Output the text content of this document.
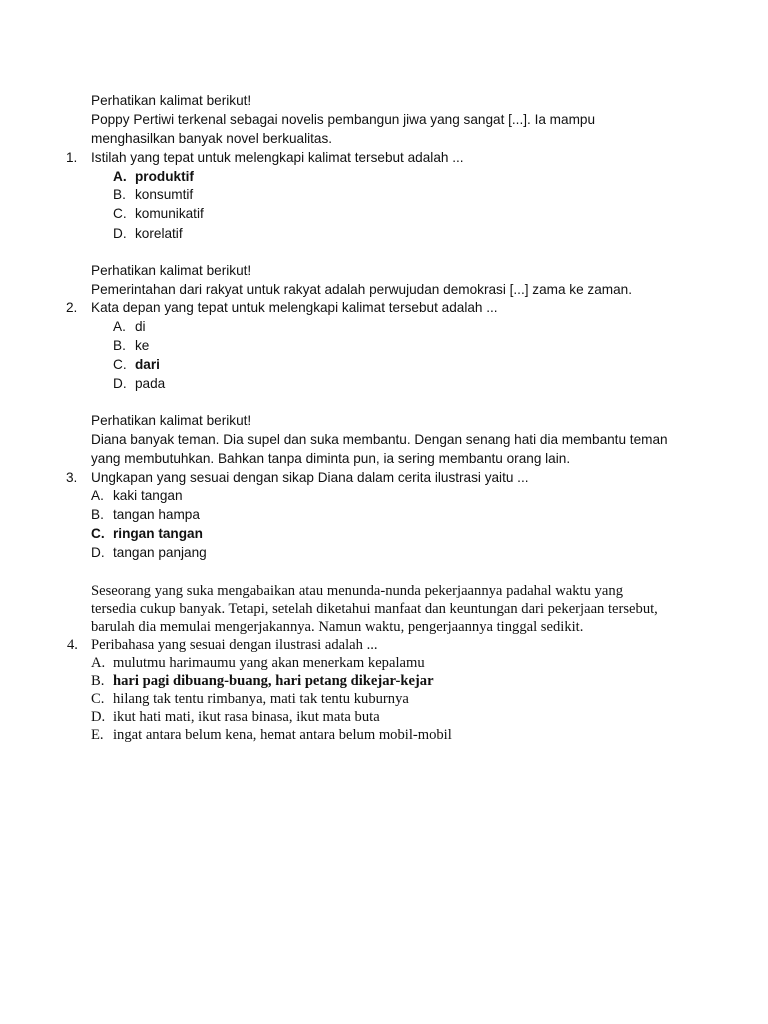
Perhatikan kalimat berikut!
Poppy Pertiwi terkenal sebagai novelis pembangun jiwa yang sangat [...]. Ia mampu
menghasilkan banyak novel berkualitas.
1. Istilah yang tepat untuk melengkapi kalimat tersebut adalah ...
A. produktif
B. konsumtif
C. komunikatif
D. korelatif
Perhatikan kalimat berikut!
Pemerintahan dari rakyat untuk rakyat adalah perwujudan demokrasi [...] zama ke zaman.
2. Kata depan yang tepat untuk melengkapi kalimat tersebut adalah ...
A. di
B. ke
C. dari
D. pada
Perhatikan kalimat berikut!
Diana banyak teman. Dia supel dan suka membantu. Dengan senang hati dia membantu teman
yang membutuhkan. Bahkan tanpa diminta pun, ia sering membantu orang lain.
3. Ungkapan yang sesuai dengan sikap Diana dalam cerita ilustrasi yaitu ...
A. kaki tangan
B. tangan hampa
C. ringan tangan
D. tangan panjang
Seseorang yang suka mengabaikan atau menunda-nunda pekerjaannya padahal waktu yang
tersedia cukup banyak. Tetapi, setelah diketahui manfaat dan keuntungan dari pekerjaan tersebut,
barulah dia memulai mengerjakannya. Namun waktu, pengerjaannya tinggal sedikit.
4. Peribahasa yang sesuai dengan ilustrasi adalah ...
A. mulutmu harimaumu yang akan menerkam kepalamu
B. hari pagi dibuang-buang, hari petang dikejar-kejar
C. hilang tak tentu rimbanya, mati tak tentu kuburnya
D. ikut hati mati, ikut rasa binasa, ikut mata buta
E. ingat antara belum kena, hemat antara belum mobil-mobil
